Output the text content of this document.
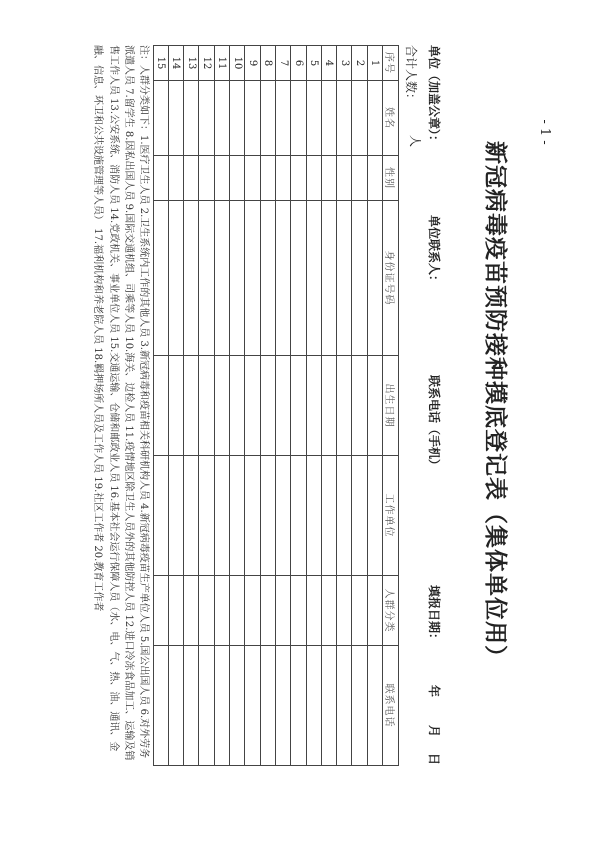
- 1 -
新冠病毒疫苗预防接种摸底登记表（集体单位用）
单位（加盖公章）：
单位联系人：
联系电话（手机）
填报日期：
年
月
日
合计人数：
人
序号	姓名	性别	身份证号码	出生日期	工作单位	人群分类	联系电话
1							
2							
3							
4							
5							
6							
7							
8							
9							
10							
11							
12							
13							
14							
15							
注：人群分类如下：1.医疗卫生人员 2.卫生系统内工作的其他人员 3.新冠病毒和疫苗相关科研机构人员 4.新冠病毒疫苗生产单位人员 5.国公出国人员 6.对外劳务派遣人员 7.留学生 8.因私出国人员 9.国际交通机组、司乘等人员 10.海关、边检人员 11.疫情地区除卫生人员外的其他防控人员 12.进口冷冻食品加工、运输及销售工作人员 13.公安系统、消防人员 14.党政机关、事业单位人员 15.交通运输、仓储和邮政业人员 16.基本社会运行保障人员（水、电、气、热、油、通讯、金融、信息、环卫和公共设施管理等人员） 17.福利机构和养老院人员 18.羁押场所人员及工作人员 19.社区工作者 20.教育工作者
